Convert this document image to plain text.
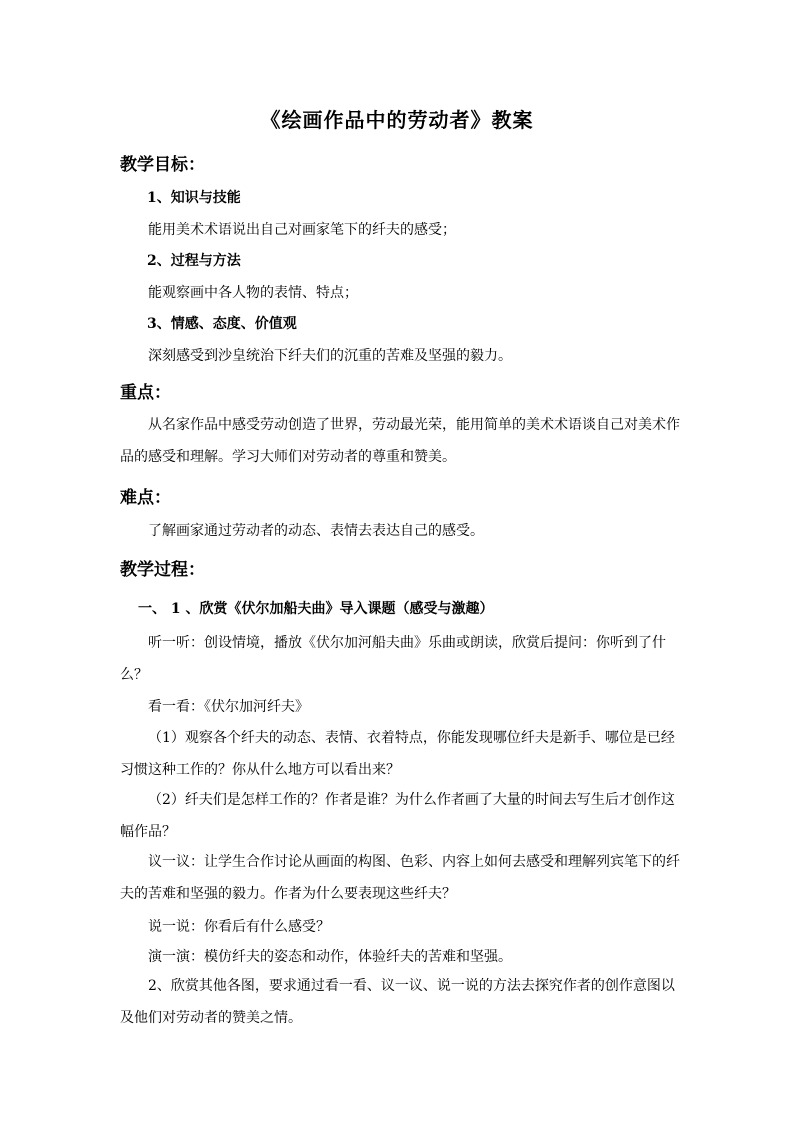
《绘画作品中的劳动者》教案
教学目标：
1、知识与技能
能用美术术语说出自己对画家笔下的纤夫的感受；
2、过程与方法
能观察画中各人物的表情、特点；
3、情感、态度、价值观
深刻感受到沙皇统治下纤夫们的沉重的苦难及坚强的毅力。
重点：
从名家作品中感受劳动创造了世界，劳动最光荣，能用简单的美术术语谈自己对美术作品的感受和理解。学习大师们对劳动者的尊重和赞美。
难点：
了解画家通过劳动者的动态、表情去表达自己的感受。
教学过程：
一、 1 、欣赏《伏尔加船夫曲》导入课题（感受与激趣）
听一听：创设情境，播放《伏尔加河船夫曲》乐曲或朗读，欣赏后提问：你听到了什么？
看一看：《伏尔加河纤夫》
（1）观察各个纤夫的动态、表情、衣着特点，你能发现哪位纤夫是新手、哪位是已经习惯这种工作的？你从什么地方可以看出来？
（2）纤夫们是怎样工作的？作者是谁？为什么作者画了大量的时间去写生后才创作这幅作品？
议一议：让学生合作讨论从画面的构图、色彩、内容上如何去感受和理解列宾笔下的纤夫的苦难和坚强的毅力。作者为什么要表现这些纤夫？
说一说：你看后有什么感受？
演一演：模仿纤夫的姿态和动作，体验纤夫的苦难和坚强。
2、欣赏其他各图，要求通过看一看、议一议、说一说的方法去探究作者的创作意图以及他们对劳动者的赞美之情。
